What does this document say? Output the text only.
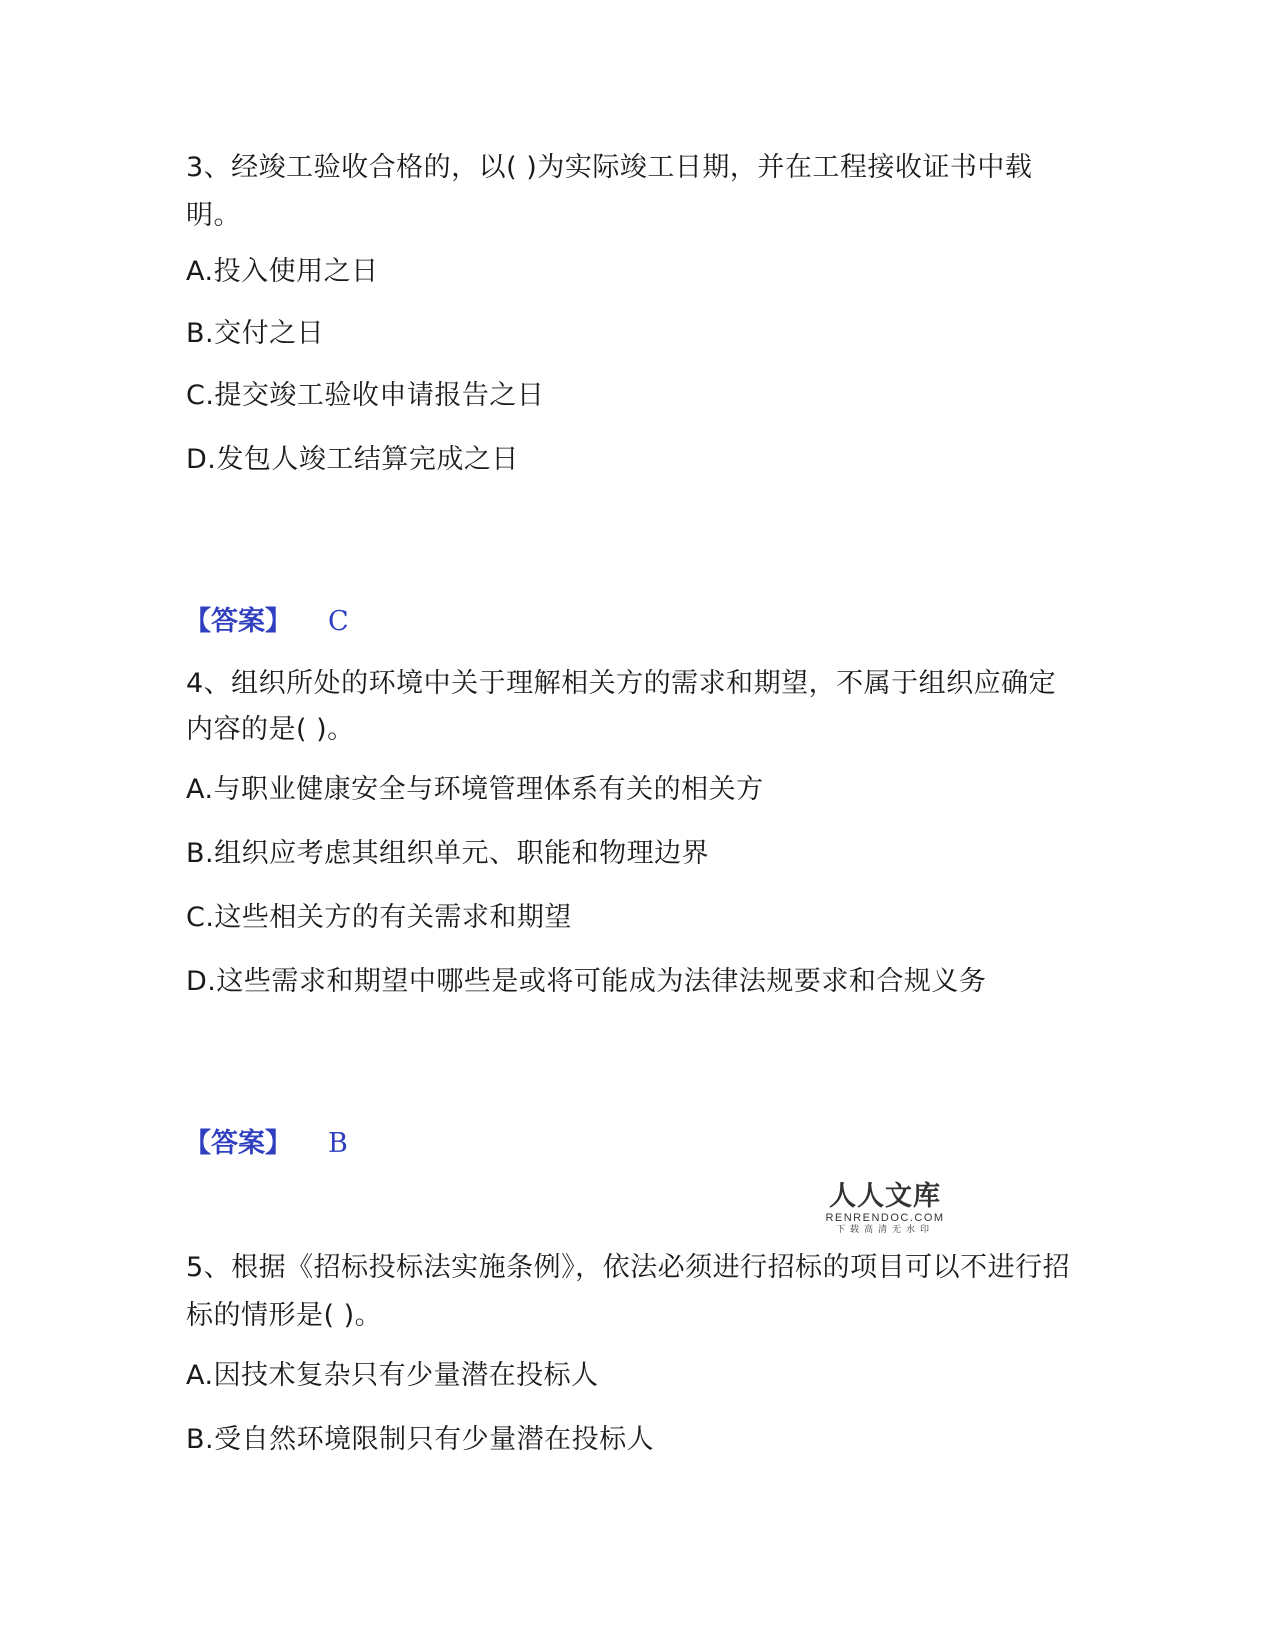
3、经竣工验收合格的，以( )为实际竣工日期，并在工程接收证书中载
明。
A.投入使用之日
B.交付之日
C.提交竣工验收申请报告之日
D.发包人竣工结算完成之日
【答案】 C
4、组织所处的环境中关于理解相关方的需求和期望，不属于组织应确定
内容的是( )。
A.与职业健康安全与环境管理体系有关的相关方
B.组织应考虑其组织单元、职能和物理边界
C.这些相关方的有关需求和期望
D.这些需求和期望中哪些是或将可能成为法律法规要求和合规义务
【答案】 B
人人文库
RENRENDOC.COM
下载高清无水印
5、根据《招标投标法实施条例》，依法必须进行招标的项目可以不进行招
标的情形是( )。
A.因技术复杂只有少量潜在投标人
B.受自然环境限制只有少量潜在投标人
